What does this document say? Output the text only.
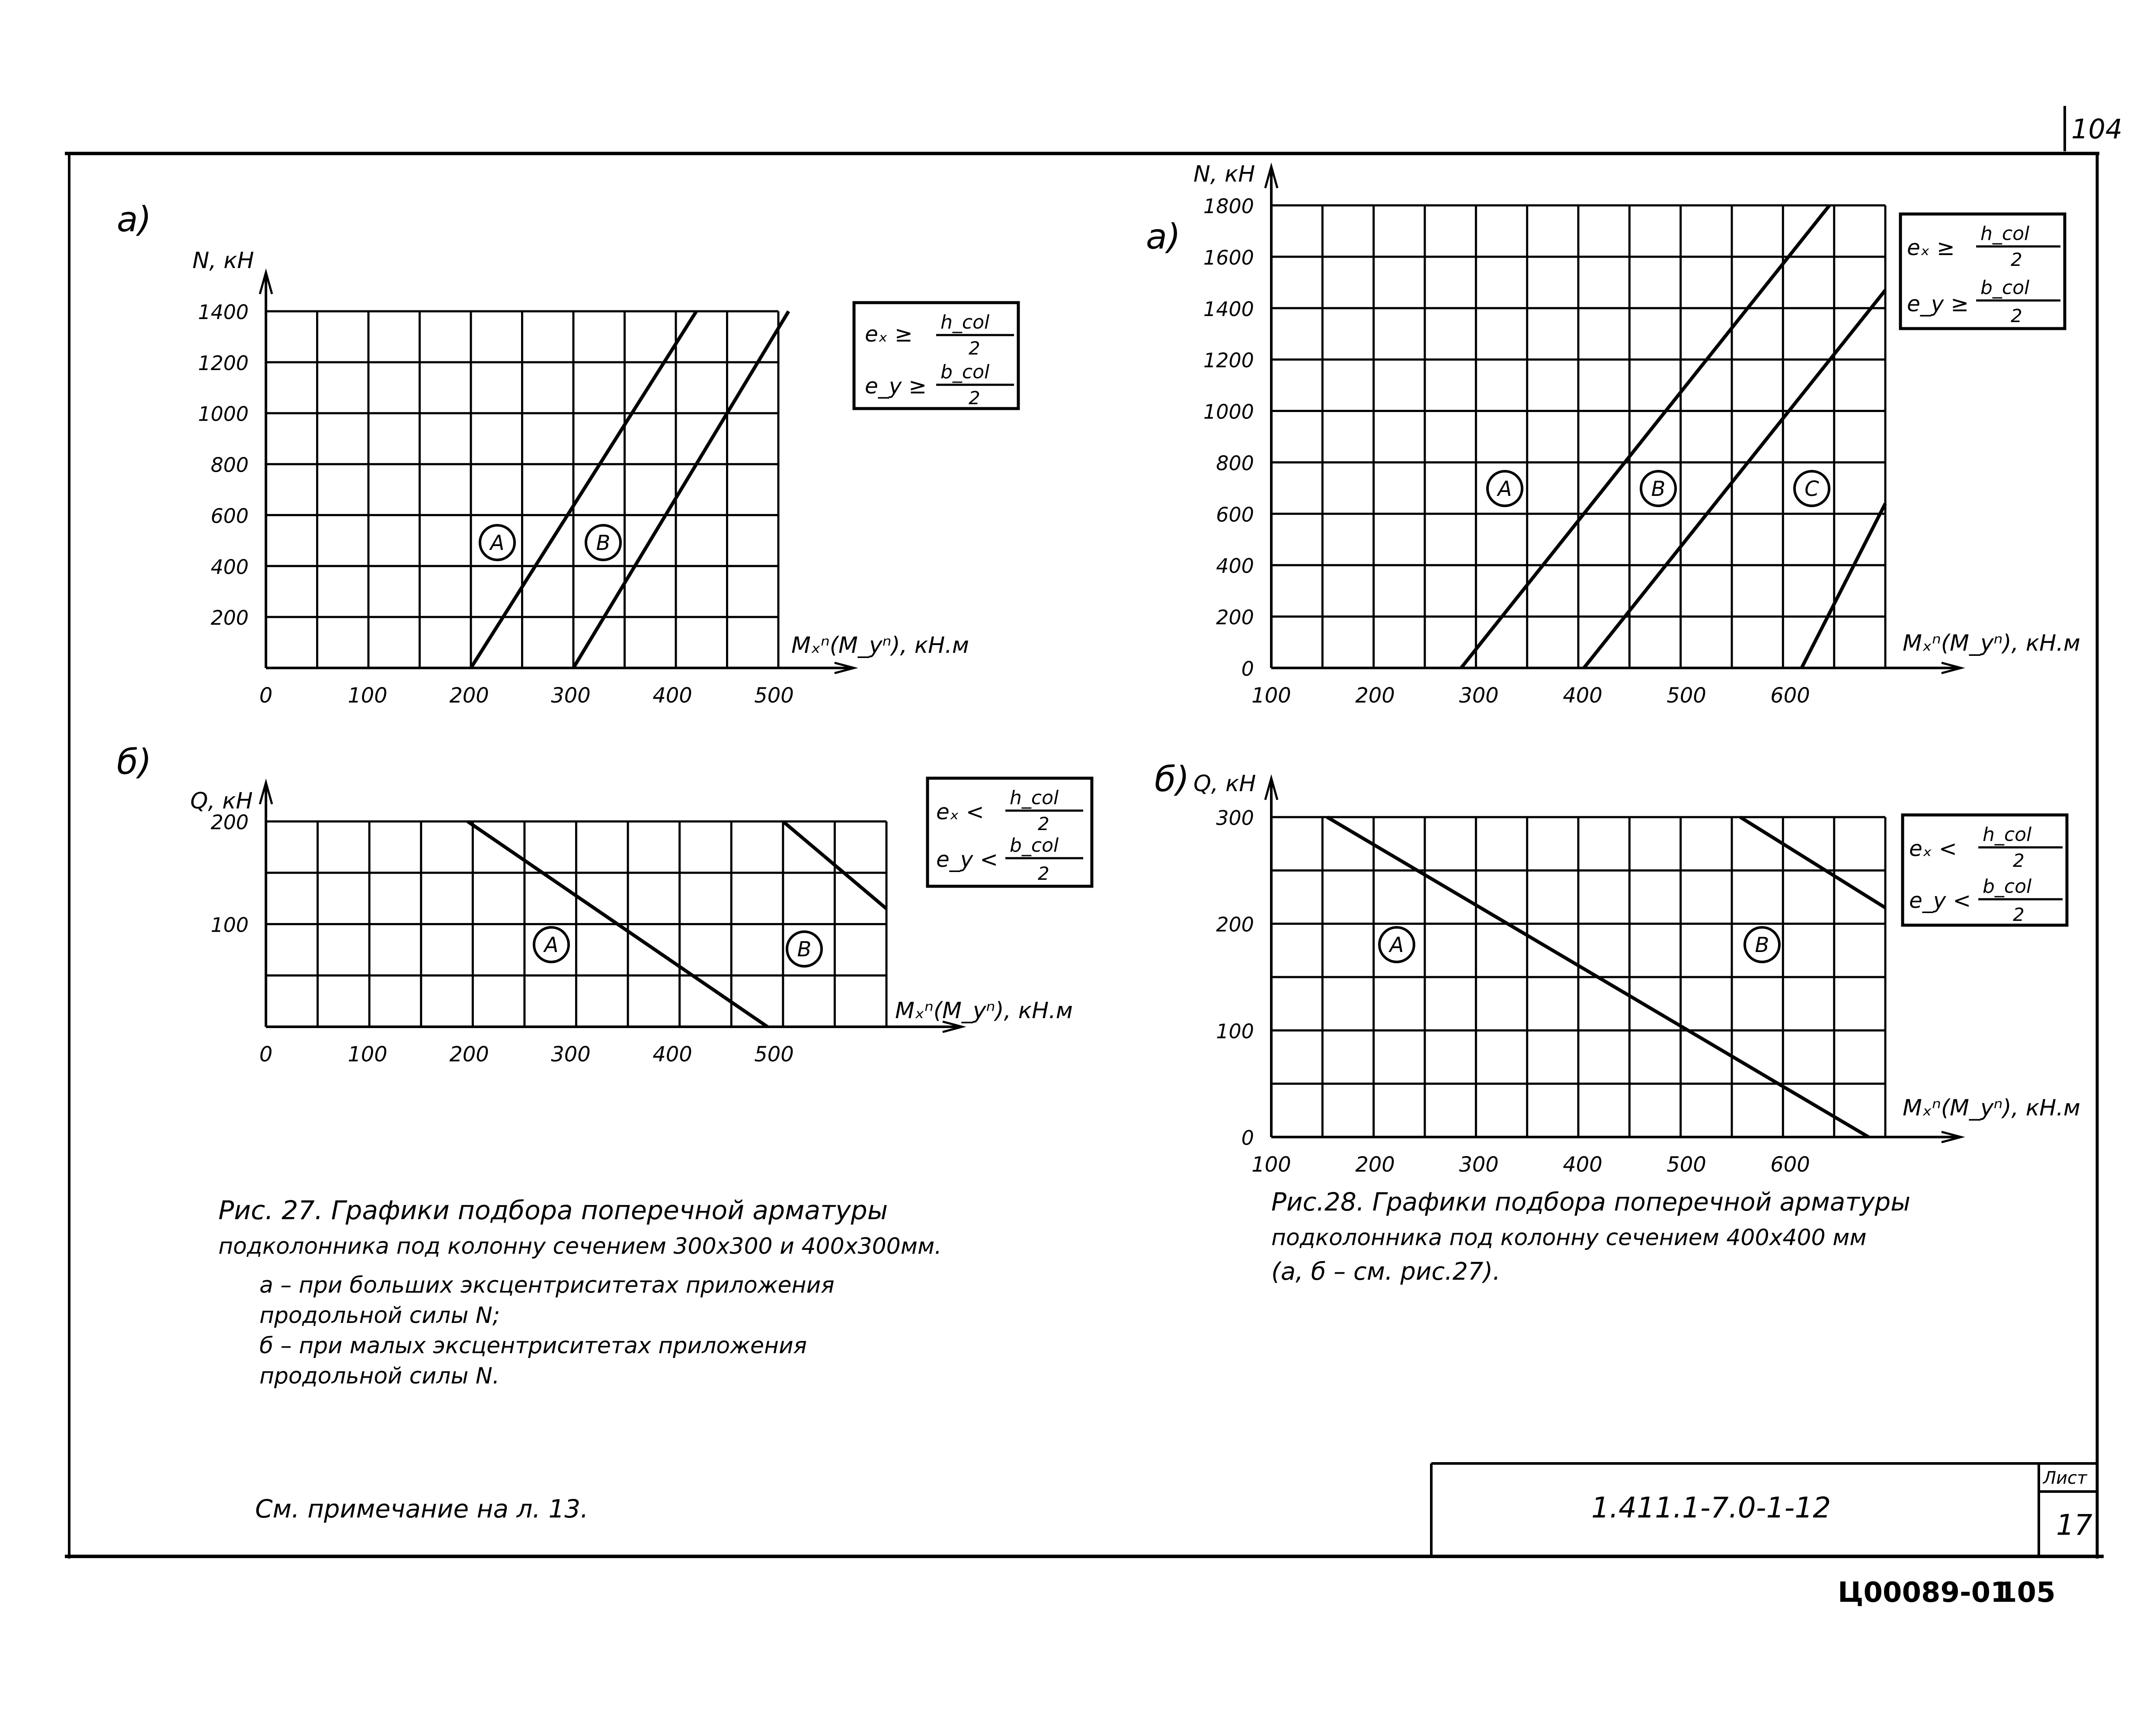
200
400
600
800
1000
1200
1400
0	100	200	300	400	500
а)
N, кН
Mₓⁿ(M_yⁿ), кН.м
A	B
100
200
0	100	200	300	400	500
б)
Q, кН
Mₓⁿ(M_yⁿ), кН.м
A	B
0
200
400
600
800
1000
1200
1400
1600
1800
100	200	300	400	500	600
а)
N, кН
Mₓⁿ(M_yⁿ), кН.м
A	B	C
0
100
200
300
100	200	300	400	500	600
б) Q, кН
Mₓⁿ(M_yⁿ), кН.м
A	B
104
1.411.1-7.0-1-12
Лист
17
См. примечание на л. 13.
Ц00089-01
105
Рис. 27. Графики подбора поперечной арматуры
подколонника под колонну сечением 300x300 и 400x300мм.
а – при больших эксцентриситетах приложения
продольной силы N;
б – при малых эксцентриситетах приложения
продольной силы N.
Рис.28. Графики подбора поперечной арматуры
подколонника под колонну сечением 400x400 мм
(а, б – см. рис.27).
eₓ ≥ h_col
2
e_y ≥
b_col
2
eₓ <
h_col
2
e_y <
b_col
2
eₓ ≥
h_col
2
e_y ≥
b_col
2
eₓ <
h_col
2
e_y <
b_col
2
